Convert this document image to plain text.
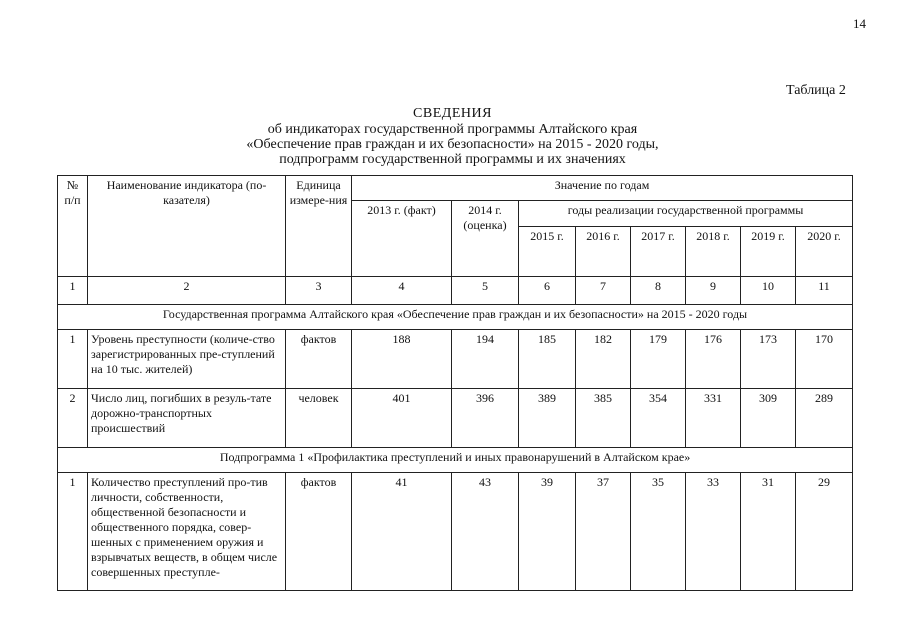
14
Таблица 2
СВЕДЕНИЯ
об индикаторах государственной программы Алтайского края
«Обеспечение прав граждан и их безопасности» на 2015 - 2020 годы,
подпрограмм государственной программы и их значениях
№ п/п	Наименование индикатора (по-казателя)	Единица измере-ния	Значение по годам							
			2013 г. (факт)	2014 г. (оценка)	годы реализации государственной программы					
					2015 г.	2016 г.	2017 г.	2018 г.	2019 г.	2020 г.
1	2	3	4	5	6	7	8	9	10	11
Государственная программа Алтайского края «Обеспечение прав граждан и их безопасности» на 2015 - 2020 годы										
1	Уровень преступности (количе-ство зарегистрированных пре-ступлений на 10 тыс. жителей)	фактов	188	194	185	182	179	176	173	170
2	Число лиц, погибших в резуль-тате дорожно-транспортных происшествий	человек	401	396	389	385	354	331	309	289
Подпрограмма 1 «Профилактика преступлений и иных правонарушений в Алтайском крае»										
1	Количество преступлений про-тив личности, собственности, общественной безопасности и общественного порядка, совер-шенных с применением оружия и взрывчатых веществ, в общем числе совершенных преступле-	фактов	41	43	39	37	35	33	31	29
